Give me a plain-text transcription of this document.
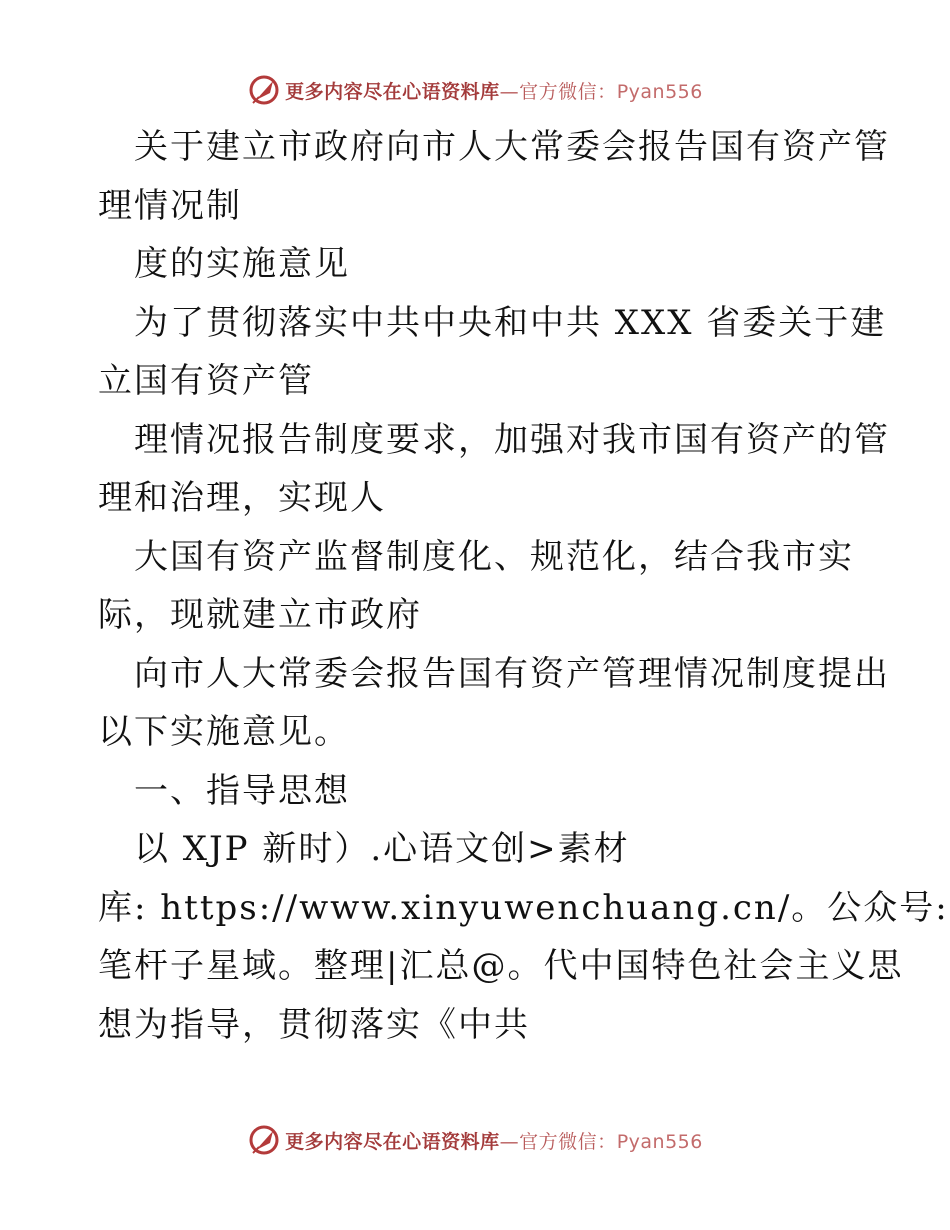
更多内容尽在心语资料库—官方微信：Pyan556
关于建立市政府向市人大常委会报告国有资产管
理情况制
度的实施意见
为了贯彻落实中共中央和中共 XXX 省委关于建
立国有资产管
理情况报告制度要求，加强对我市国有资产的管
理和治理，实现人
大国有资产监督制度化、规范化，结合我市实
际，现就建立市政府
向市人大常委会报告国有资产管理情况制度提出
以下实施意见。
一、指导思想
以 XJP 新时）.心语文创>素材
库: https://www.xinyuwenchuang.cn/。公众号:
笔杆子星域。整理|汇总@。代中国特色社会主义思
想为指导，贯彻落实《中共
更多内容尽在心语资料库—官方微信：Pyan556
